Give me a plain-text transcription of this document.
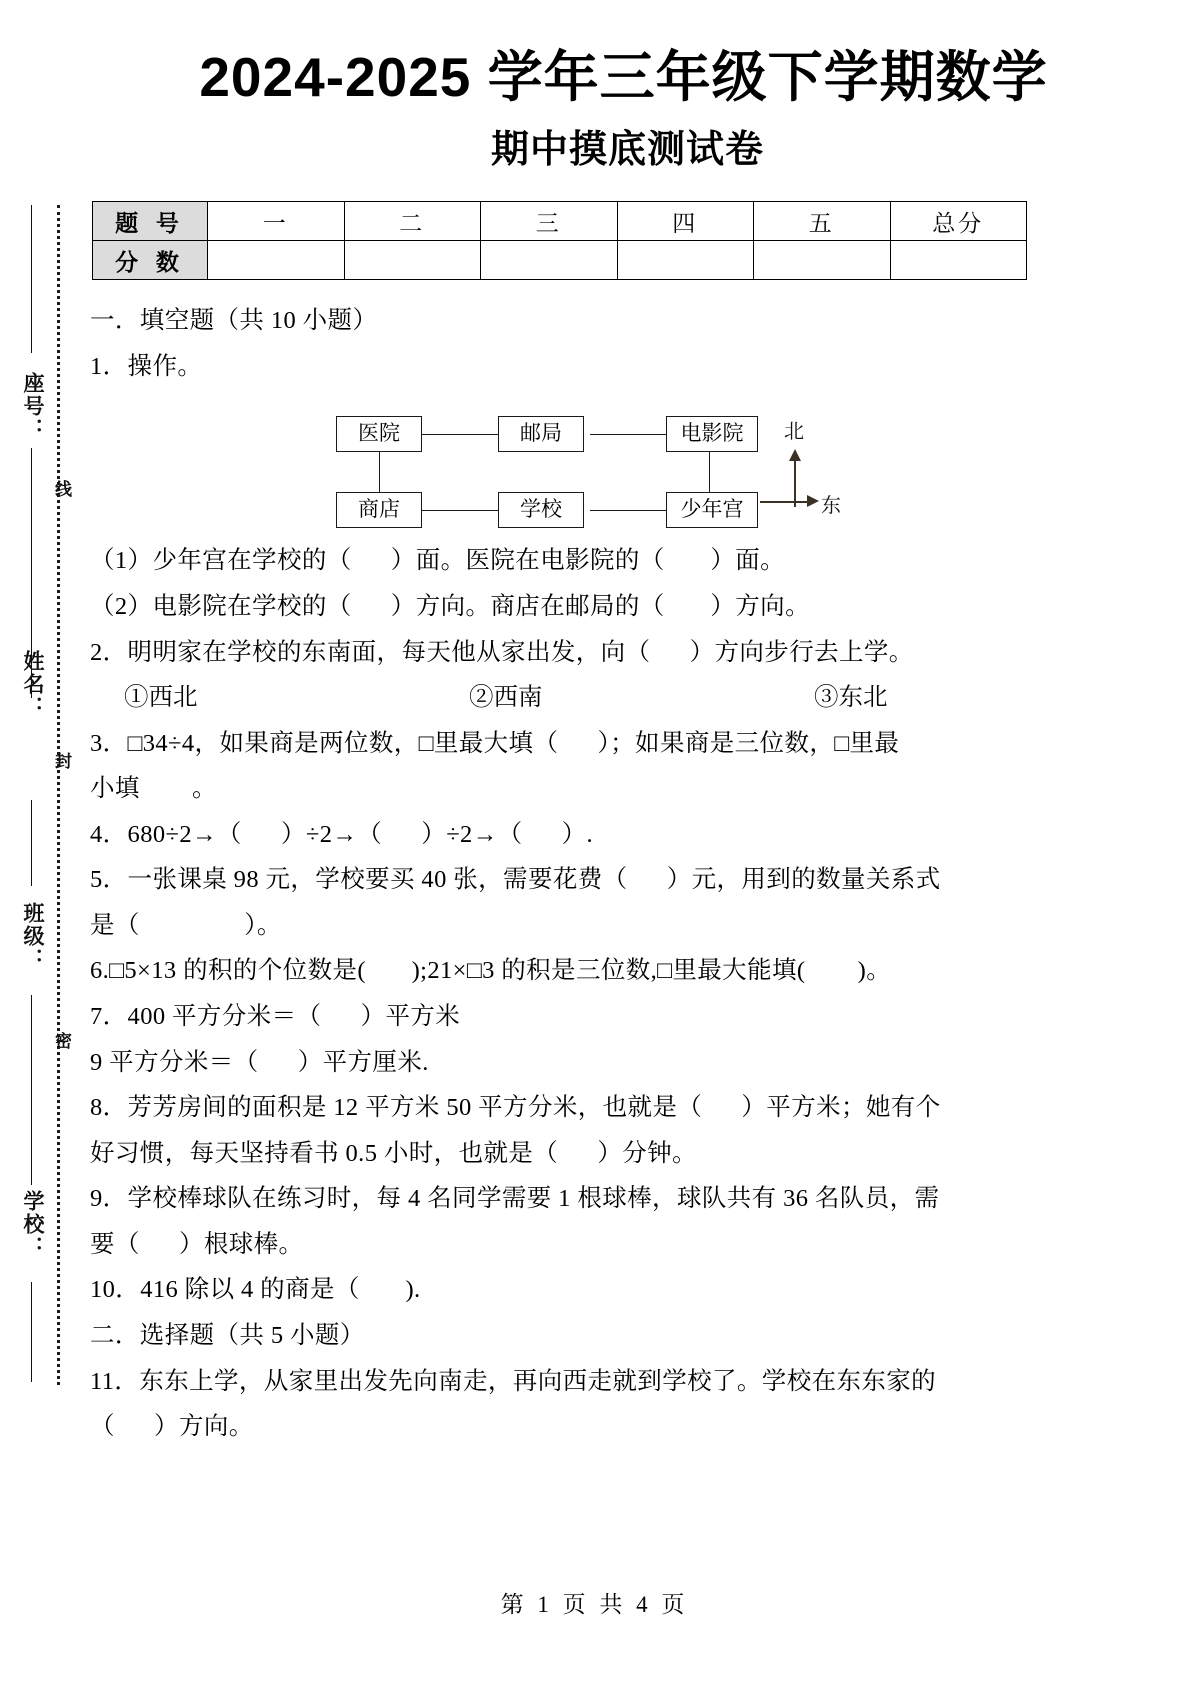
座号：
姓名：
班级：
学校：
线
封
密
2024-2025 学年三年级下学期数学
期中摸底测试卷
题 号	一	二	三	四	五	总分
分 数						
一．填空题（共 10 小题）
1．操作。
医院	邮局	电影院
商店	学校	少年宫
北
东
（1）少年宫在学校的（      ）面。医院在电影院的（       ）面。
（2）电影院在学校的（      ）方向。商店在邮局的（       ）方向。
2．明明家在学校的东南面，每天他从家出发，向（      ）方向步行去上学。
①西北	②西南	③东北
3．□34÷4，如果商是两位数，□里最大填（      ）；如果商是三位数，□里最
小填        。
4．680÷2→（      ）÷2→（      ）÷2→（      ）.
5．一张课桌 98 元，学校要买 40 张，需要花费（      ）元，用到的数量关系式
是（                ）。
6.□5×13 的积的个位数是(       );21×□3 的积是三位数,□里最大能填(        )。
7．400 平方分米＝（      ）平方米
9 平方分米＝（      ）平方厘米.
8．芳芳房间的面积是 12 平方米 50 平方分米，也就是（      ）平方米；她有个
好习惯，每天坚持看书 0.5 小时，也就是（      ）分钟。
9．学校棒球队在练习时，每 4 名同学需要 1 根球棒，球队共有 36 名队员，需
要（      ）根球棒。
10．416 除以 4 的商是（       ).
二．选择题（共 5 小题）
11．东东上学，从家里出发先向南走，再向西走就到学校了。学校在东东家的
（      ）方向。
第 1 页 共 4 页
